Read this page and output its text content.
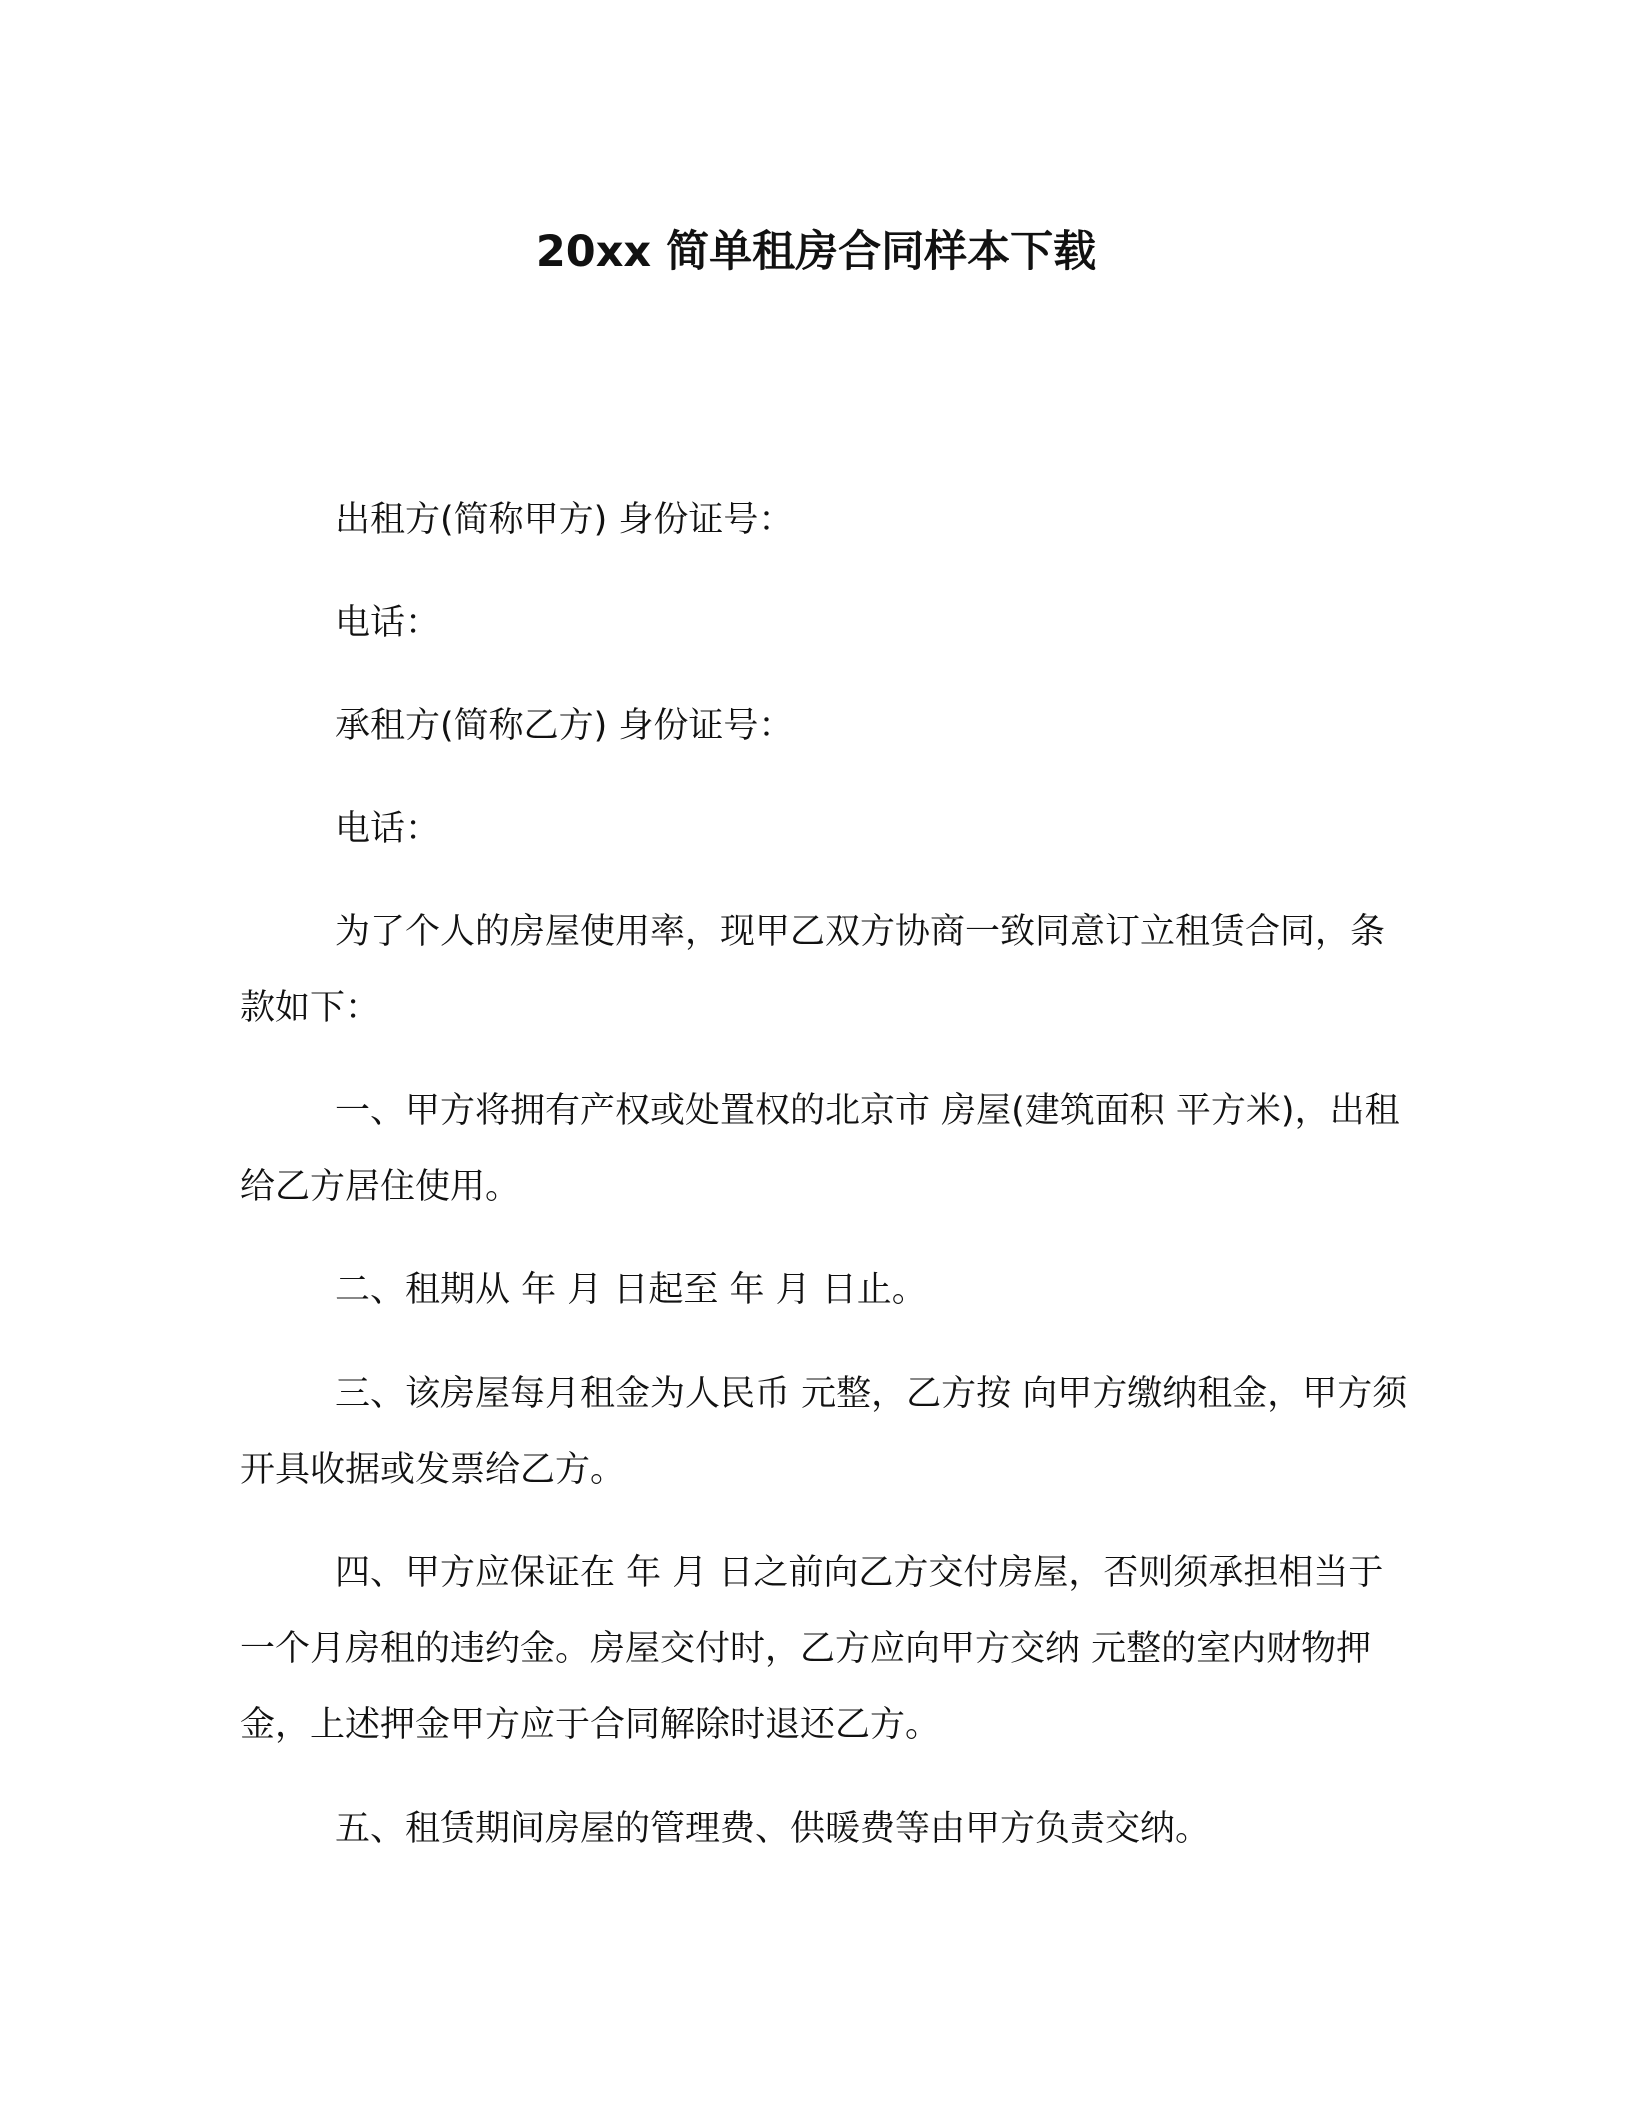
20xx 简单租房合同样本下载
出租方(简称甲方) 身份证号：
电话：
承租方(简称乙方) 身份证号：
电话：
为了个人的房屋使用率，现甲乙双方协商一致同意订立租赁合同，条款如下：
一、甲方将拥有产权或处置权的北京市 房屋(建筑面积 平方米)，出租给乙方居住使用。
二、租期从 年 月 日起至 年 月 日止。
三、该房屋每月租金为人民币 元整，乙方按 向甲方缴纳租金，甲方须开具收据或发票给乙方。
四、甲方应保证在 年 月 日之前向乙方交付房屋，否则须承担相当于一个月房租的违约金。房屋交付时，乙方应向甲方交纳 元整的室内财物押金，上述押金甲方应于合同解除时退还乙方。
五、租赁期间房屋的管理费、供暖费等由甲方负责交纳。
